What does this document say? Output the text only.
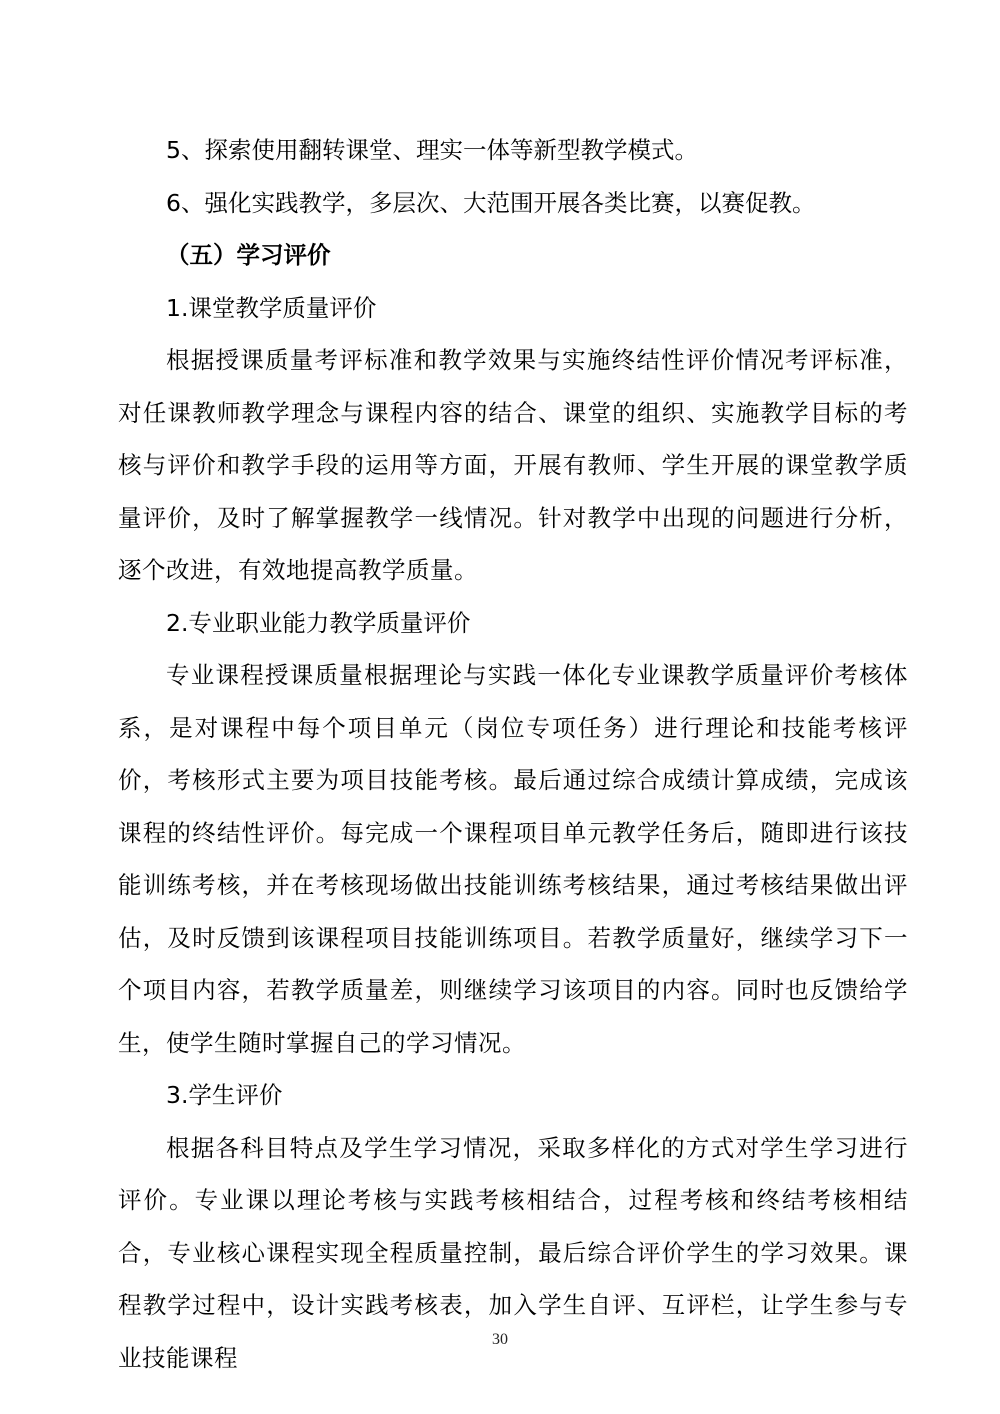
5、探索使用翻转课堂、理实一体等新型教学模式。
6、强化实践教学，多层次、大范围开展各类比赛，以赛促教。
（五）学习评价
1.课堂教学质量评价

根据授课质量考评标准和教学效果与实施终结性评价情况考评标准，对任课教师教学理念与课程内容的结合、课堂的组织、实施教学目标的考核与评价和教学手段的运用等方面，开展有教师、学生开展的课堂教学质量评价，及时了解掌握教学一线情况。针对教学中出现的问题进行分析，逐个改进，有效地提高教学质量。

2.专业职业能力教学质量评价

专业课程授课质量根据理论与实践一体化专业课教学质量评价考核体系，是对课程中每个项目单元（岗位专项任务）进行理论和技能考核评价，考核形式主要为项目技能考核。最后通过综合成绩计算成绩，完成该课程的终结性评价。每完成一个课程项目单元教学任务后，随即进行该技能训练考核，并在考核现场做出技能训练考核结果，通过考核结果做出评估，及时反馈到该课程项目技能训练项目。若教学质量好，继续学习下一个项目内容，若教学质量差，则继续学习该项目的内容。同时也反馈给学生，使学生随时掌握自己的学习情况。

3.学生评价

根据各科目特点及学生学习情况，采取多样化的方式对学生学习进行评价。专业课以理论考核与实践考核相结合，过程考核和终结考核相结合，专业核心课程实现全程质量控制，最后综合评价学生的学习效果。课程教学过程中，设计实践考核表，加入学生自评、互评栏，让学生参与专业技能课程

30
